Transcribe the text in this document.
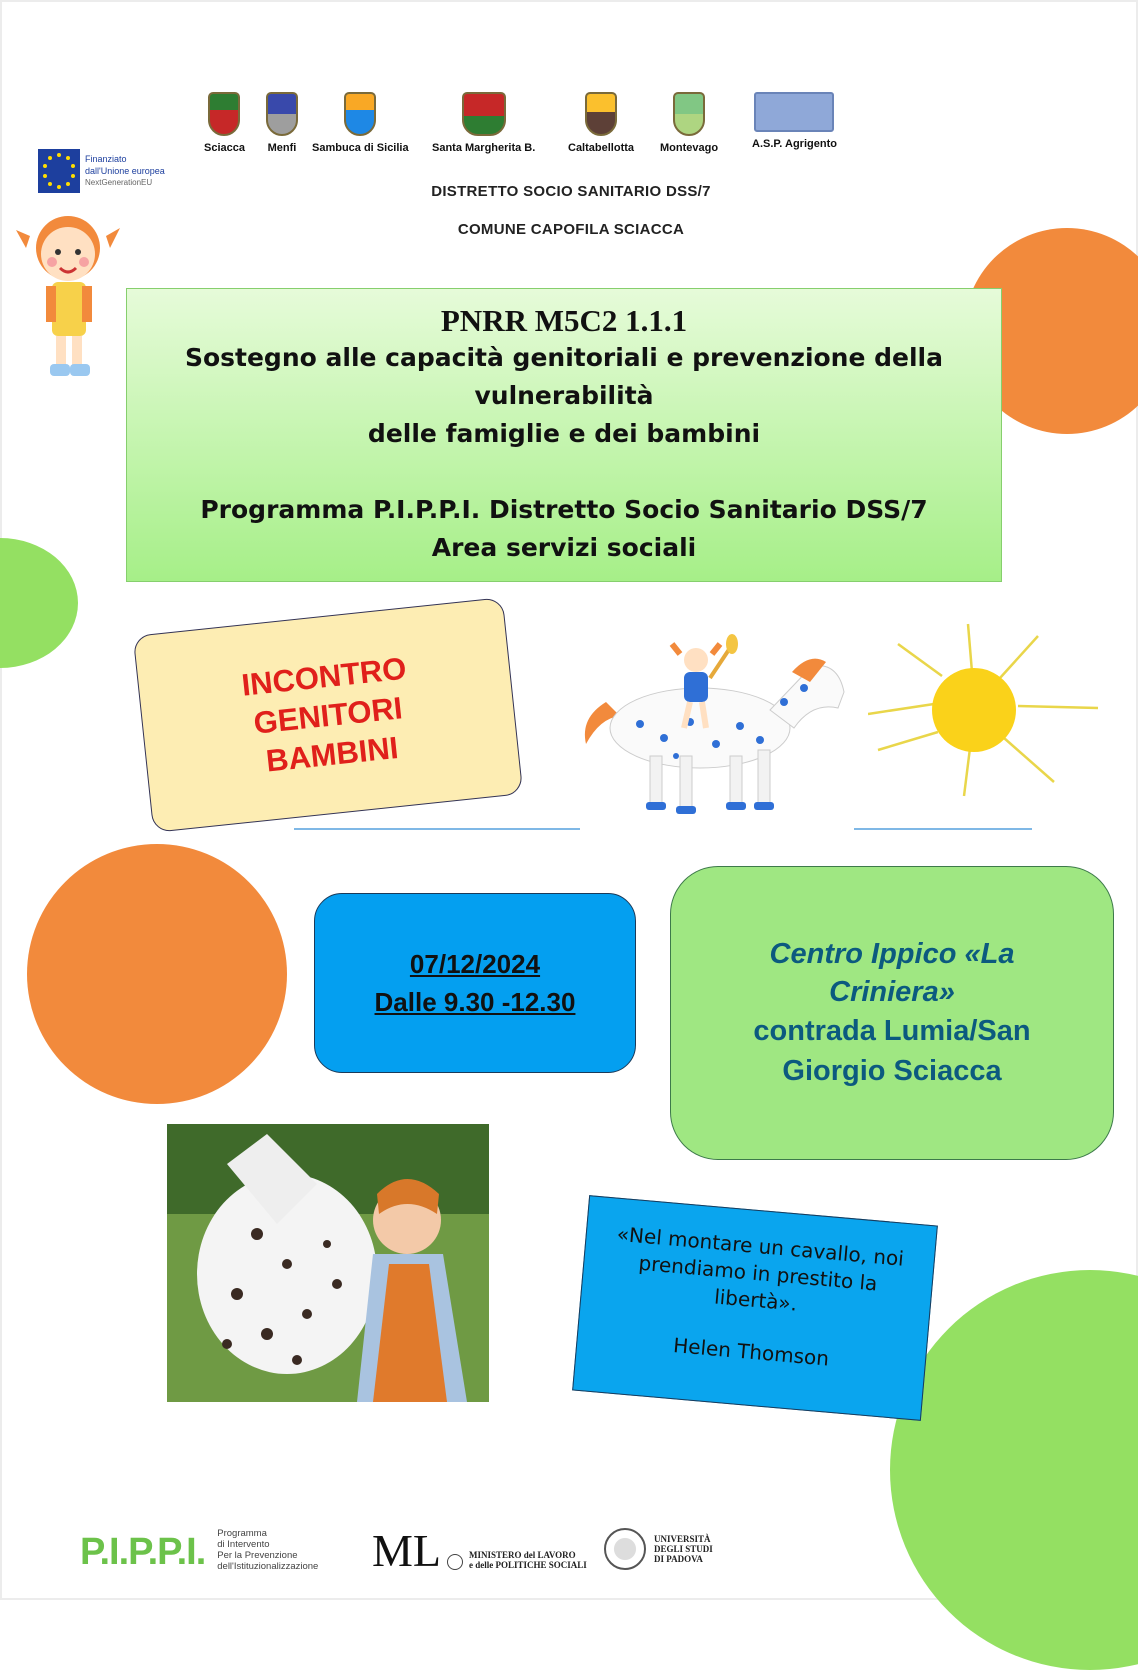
Finanziato
dall'Unione europea
NextGenerationEU
Sciacca Menfi Sambuca di Sicilia Santa Margherita B.	Caltabellotta Montevago	A.S.P. Agrigento
DISTRETTO SOCIO SANITARIO DSS/7
COMUNE CAPOFILA SCIACCA
PNRR M5C2 1.1.1
Sostegno alle capacità genitoriali e prevenzione della vulnerabilità
delle famiglie e dei bambini
Programma P.I.P.P.I. Distretto Socio Sanitario DSS/7
Area servizi sociali
INCONTRO
GENITORI
BAMBINI
07/12/2024
Dalle 9.30 -12.30
Centro Ippico «La
Criniera»
contrada Lumia/San
Giorgio Sciacca
«Nel montare un cavallo, noi prendiamo in prestito la libertà».
Helen Thomson
P.I.P.P.I. Programma
di Intervento
Per la Prevenzione
dell'Istituzionalizzazione ML	MINISTERO del LAVORO
e delle POLITICHE SOCIALI
UNIVERSITÀ
DEGLI STUDI
DI PADOVA
